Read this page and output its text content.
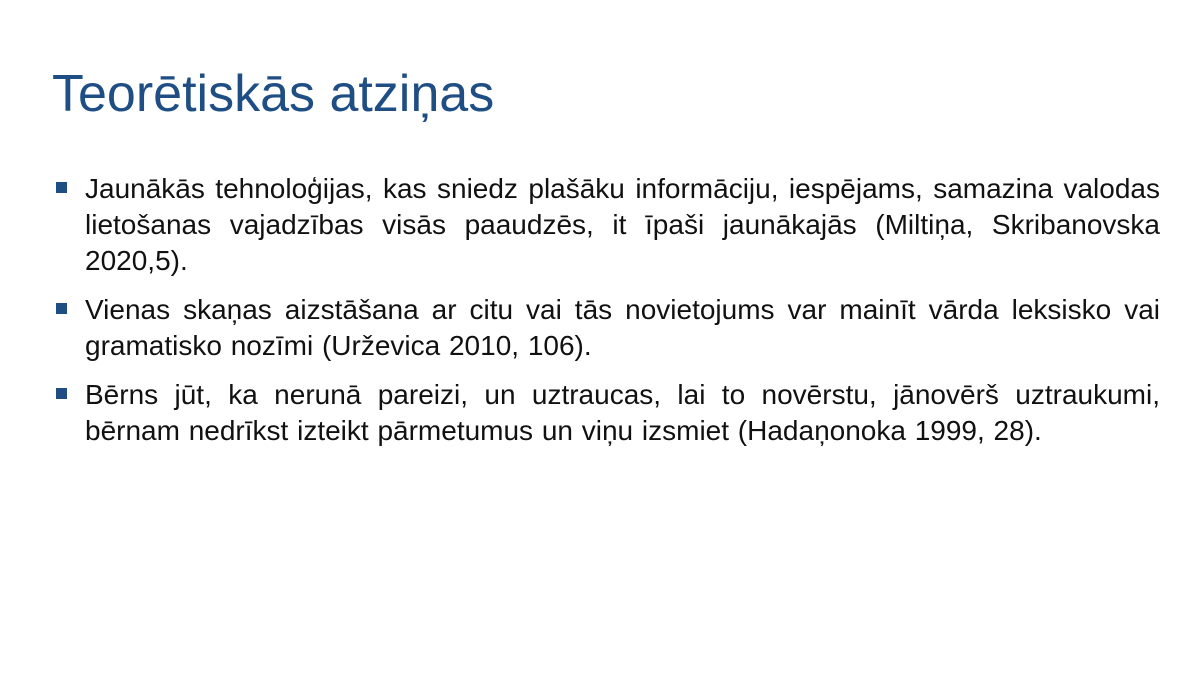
Teorētiskās atziņas
Jaunākās tehnoloģijas, kas sniedz plašāku informāciju, iespējams, samazina valodas lietošanas vajadzības visās paaudzēs, it īpaši jaunākajās (Miltiņa, Skribanovska 2020,5).
Vienas skaņas aizstāšana ar citu vai tās novietojums var mainīt vārda leksisko vai gramatisko nozīmi (Urževica 2010, 106).
Bērns jūt, ka nerunā pareizi, un uztraucas, lai to novērstu, jānovērš uztraukumi, bērnam nedrīkst izteikt pārmetumus un viņu izsmiet (Hadaņonoka 1999, 28).
